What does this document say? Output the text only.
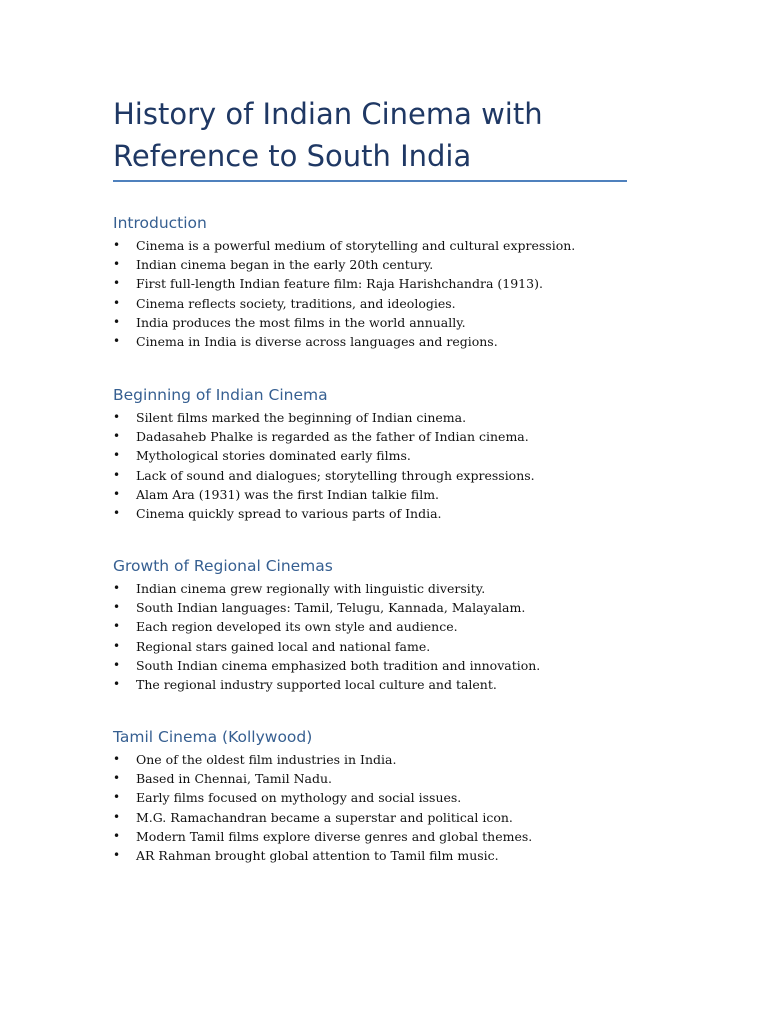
History of Indian Cinema with Reference to South India
Introduction
• Cinema is a powerful medium of storytelling and cultural expression.
• Indian cinema began in the early 20th century.
• First full-length Indian feature film: Raja Harishchandra (1913).
• Cinema reflects society, traditions, and ideologies.
• India produces the most films in the world annually.
• Cinema in India is diverse across languages and regions.
Beginning of Indian Cinema
• Silent films marked the beginning of Indian cinema.
• Dadasaheb Phalke is regarded as the father of Indian cinema.
• Mythological stories dominated early films.
• Lack of sound and dialogues; storytelling through expressions.
• Alam Ara (1931) was the first Indian talkie film.
• Cinema quickly spread to various parts of India.
Growth of Regional Cinemas
• Indian cinema grew regionally with linguistic diversity.
• South Indian languages: Tamil, Telugu, Kannada, Malayalam.
• Each region developed its own style and audience.
• Regional stars gained local and national fame.
• South Indian cinema emphasized both tradition and innovation.
• The regional industry supported local culture and talent.
Tamil Cinema (Kollywood)
• One of the oldest film industries in India.
• Based in Chennai, Tamil Nadu.
• Early films focused on mythology and social issues.
• M.G. Ramachandran became a superstar and political icon.
• Modern Tamil films explore diverse genres and global themes.
• AR Rahman brought global attention to Tamil film music.
